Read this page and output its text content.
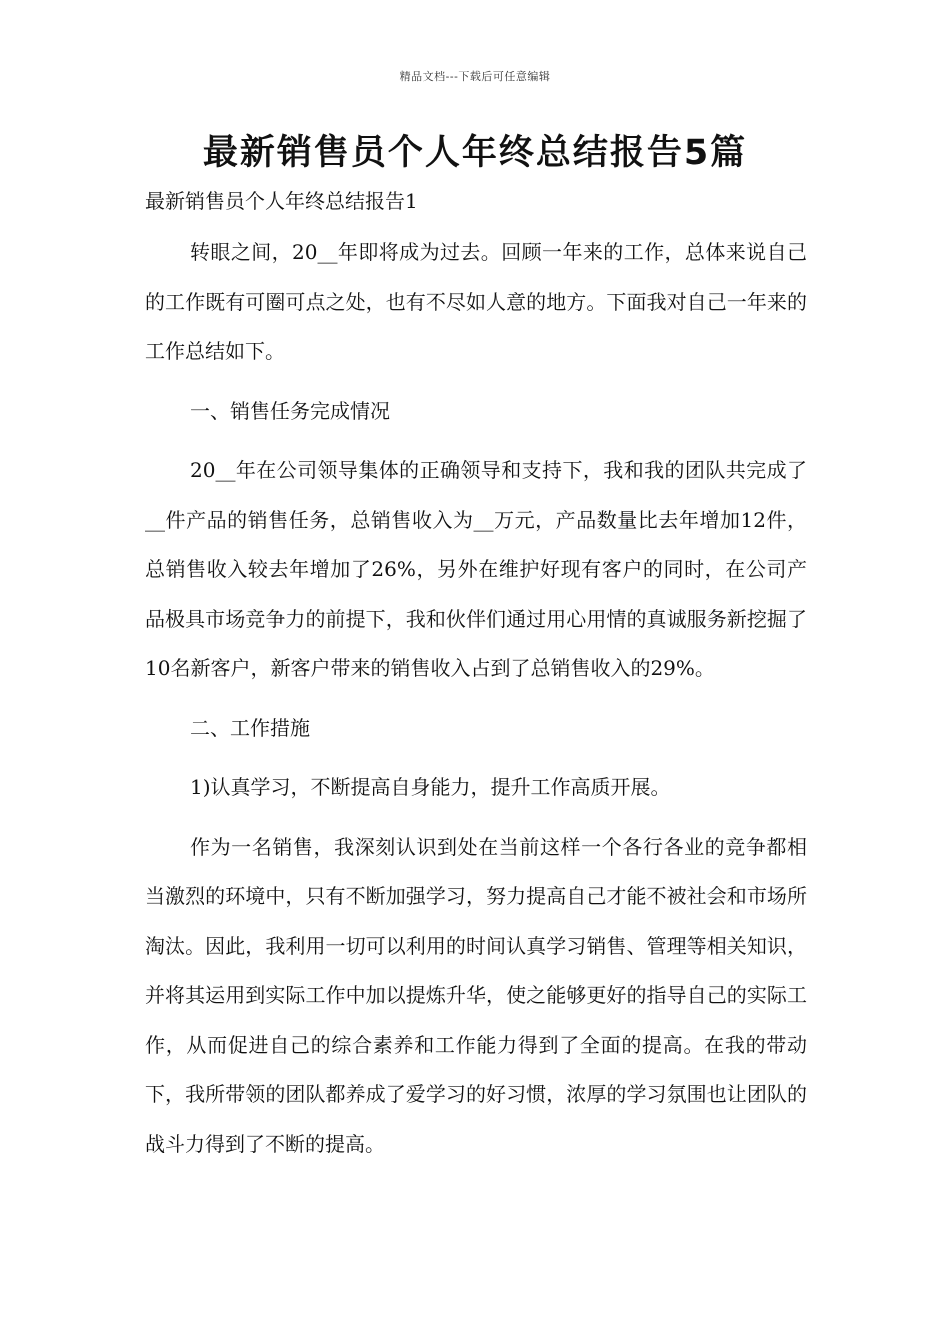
精品文档---下载后可任意编辑
最新销售员个人年终总结报告5篇

最新销售员个人年终总结报告1

转眼之间，20__年即将成为过去。回顾一年来的工作，总体来说自己的工作既有可圈可点之处，也有不尽如人意的地方。下面我对自己一年来的工作总结如下。

一、销售任务完成情况

20__年在公司领导集体的正确领导和支持下，我和我的团队共完成了__件产品的销售任务，总销售收入为__万元，产品数量比去年增加12件，总销售收入较去年增加了26%，另外在维护好现有客户的同时，在公司产品极具市场竞争力的前提下，我和伙伴们通过用心用情的真诚服务新挖掘了10名新客户，新客户带来的销售收入占到了总销售收入的29%。

二、工作措施

1)认真学习，不断提高自身能力，提升工作高质开展。

作为一名销售，我深刻认识到处在当前这样一个各行各业的竞争都相当激烈的环境中，只有不断加强学习，努力提高自己才能不被社会和市场所淘汰。因此，我利用一切可以利用的时间认真学习销售、管理等相关知识，并将其运用到实际工作中加以提炼升华，使之能够更好的指导自己的实际工作，从而促进自己的综合素养和工作能力得到了全面的提高。在我的带动下，我所带领的团队都养成了爱学习的好习惯，浓厚的学习氛围也让团队的战斗力得到了不断的提高。
